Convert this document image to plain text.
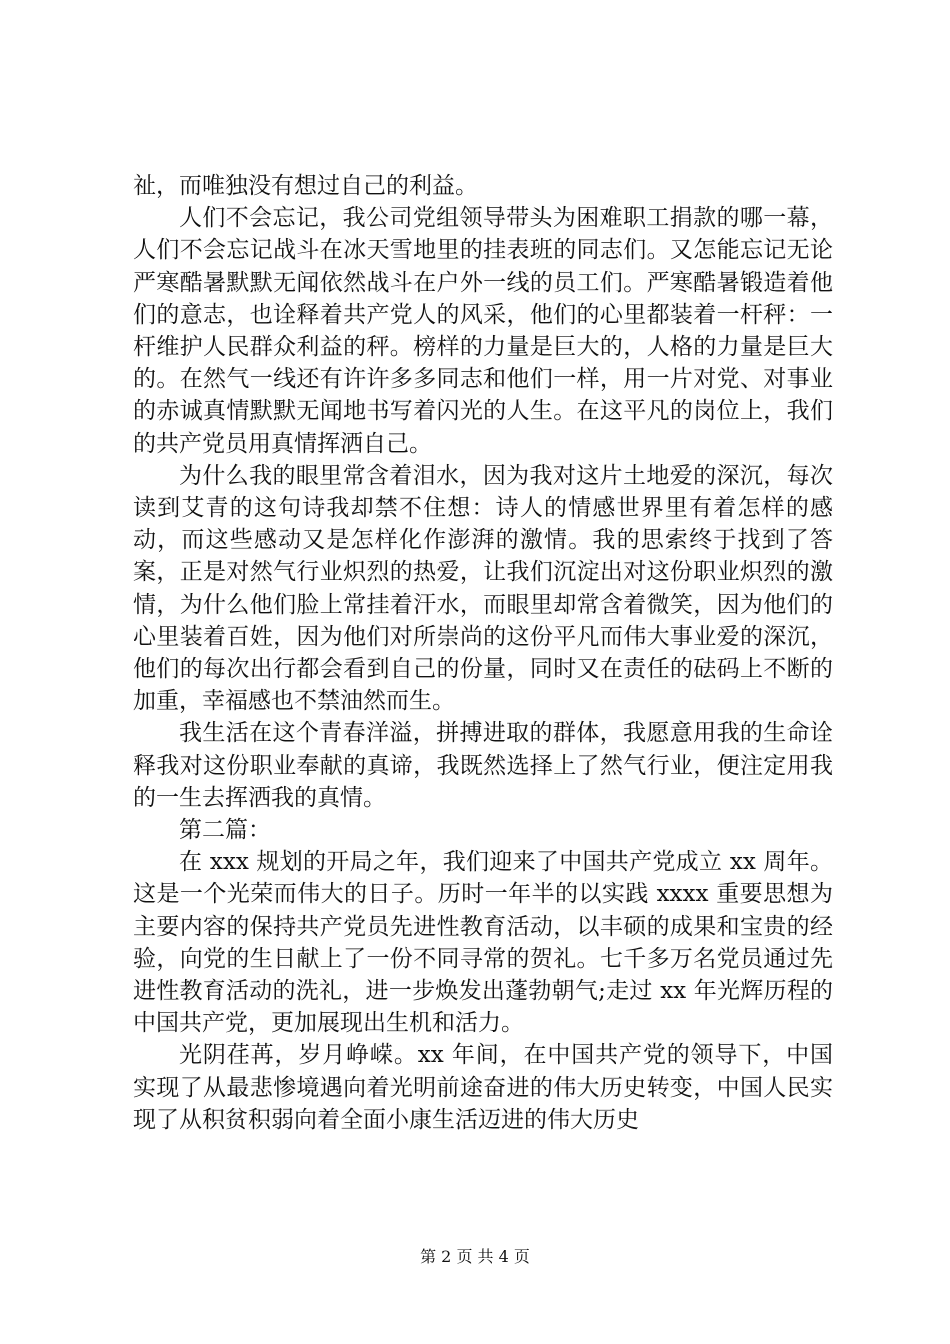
祉，而唯独没有想过自己的利益。

人们不会忘记，我公司党组领导带头为困难职工捐款的哪一幕，人们不会忘记战斗在冰天雪地里的挂表班的同志们。又怎能忘记无论严寒酷暑默默无闻依然战斗在户外一线的员工们。严寒酷暑锻造着他们的意志，也诠释着共产党人的风采，他们的心里都装着一杆秤：一杆维护人民群众利益的秤。榜样的力量是巨大的，人格的力量是巨大的。在然气一线还有许许多多同志和他们一样，用一片对党、对事业的赤诚真情默默无闻地书写着闪光的人生。在这平凡的岗位上，我们的共产党员用真情挥洒自己。

为什么我的眼里常含着泪水，因为我对这片土地爱的深沉，每次读到艾青的这句诗我却禁不住想：诗人的情感世界里有着怎样的感动，而这些感动又是怎样化作澎湃的激情。我的思索终于找到了答案，正是对然气行业炽烈的热爱，让我们沉淀出对这份职业炽烈的激情，为什么他们脸上常挂着汗水，而眼里却常含着微笑，因为他们的心里装着百姓，因为他们对所崇尚的这份平凡而伟大事业爱的深沉，他们的每次出行都会看到自己的份量，同时又在责任的砝码上不断的加重，幸福感也不禁油然而生。

我生活在这个青春洋溢，拼搏进取的群体，我愿意用我的生命诠释我对这份职业奉献的真谛，我既然选择上了然气行业，便注定用我的一生去挥洒我的真情。

第二篇：

在 xxx 规划的开局之年，我们迎来了中国共产党成立 xx 周年。这是一个光荣而伟大的日子。历时一年半的以实践 xxxx 重要思想为主要内容的保持共产党员先进性教育活动，以丰硕的成果和宝贵的经验，向党的生日献上了一份不同寻常的贺礼。七千多万名党员通过先进性教育活动的洗礼，进一步焕发出蓬勃朝气;走过 xx 年光辉历程的中国共产党，更加展现出生机和活力。

光阴荏苒，岁月峥嵘。xx 年间，在中国共产党的领导下，中国实现了从最悲惨境遇向着光明前途奋进的伟大历史转变，中国人民实现了从积贫积弱向着全面小康生活迈进的伟大历史

第 2 页 共 4 页
